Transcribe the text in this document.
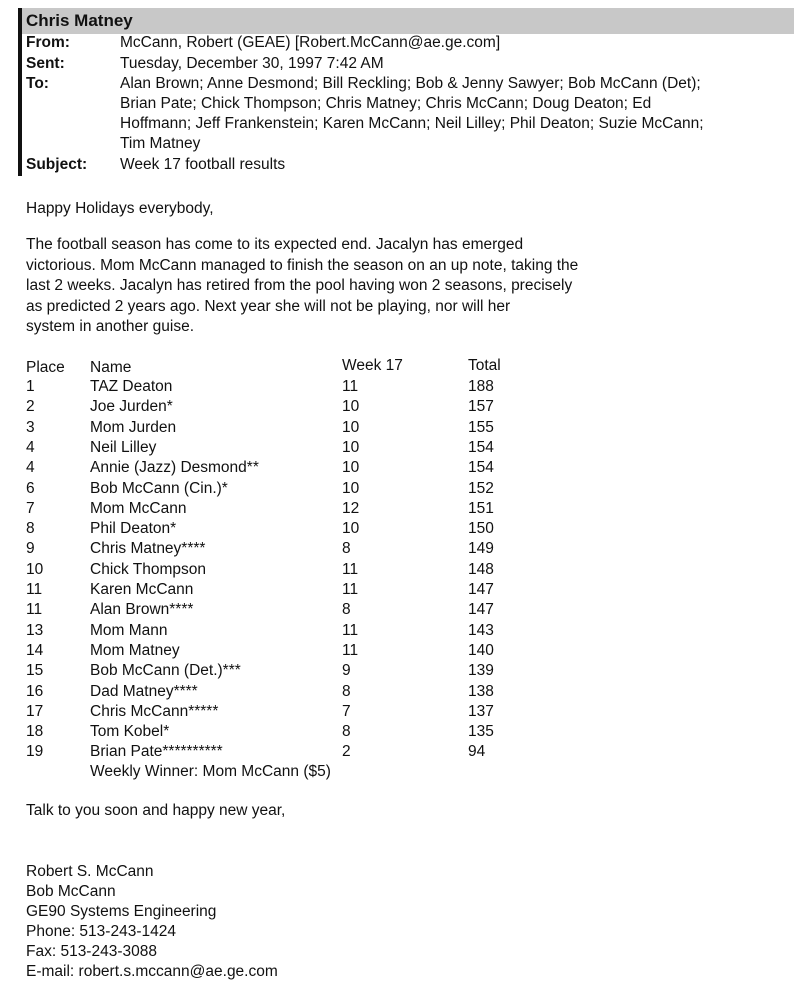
Chris Matney
From:	McCann, Robert (GEAE) [Robert.McCann@ae.ge.com]
Sent:	Tuesday, December 30, 1997 7:42 AM
To:	Alan Brown; Anne Desmond; Bill Reckling; Bob & Jenny Sawyer; Bob McCann (Det);
Brian Pate; Chick Thompson; Chris Matney; Chris McCann; Doug Deaton; Ed
Hoffmann; Jeff Frankenstein; Karen McCann; Neil Lilley; Phil Deaton; Suzie McCann;
Tim Matney
Subject: Week 17 football results
Happy Holidays everybody,
The football season has come to its expected end. Jacalyn has emerged
victorious. Mom McCann managed to finish the season on an up note, taking the
last 2 weeks. Jacalyn has retired from the pool having won 2 seasons, precisely
as predicted 2 years ago. Next year she will not be playing, nor will her
system in another guise.
Place Name	Week 17	Total
1	TAZ Deaton	11	188
2	Joe Jurden*	10	157
3	Mom Jurden	10	155
4	Neil Lilley	10	154
4	Annie (Jazz) Desmond**	10	154
6	Bob McCann (Cin.)*	10	152
7	Mom McCann	12	151
8	Phil Deaton*	10	150
9	Chris Matney****	8	149
10	Chick Thompson	11	148
11	Karen McCann	11	147
11	Alan Brown****	8	147
13	Mom Mann	11	143
14	Mom Matney	11	140
15	Bob McCann (Det.)***	9	139
16	Dad Matney****	8	138
17	Chris McCann*****	7	137
18	Tom Kobel*	8	135
19	Brian Pate**********	2	94
Weekly Winner: Mom McCann ($5)
Talk to you soon and happy new year,
Robert S. McCann
Bob McCann
GE90 Systems Engineering
Phone: 513-243-1424
Fax: 513-243-3088
E-mail: robert.s.mccann@ae.ge.com
